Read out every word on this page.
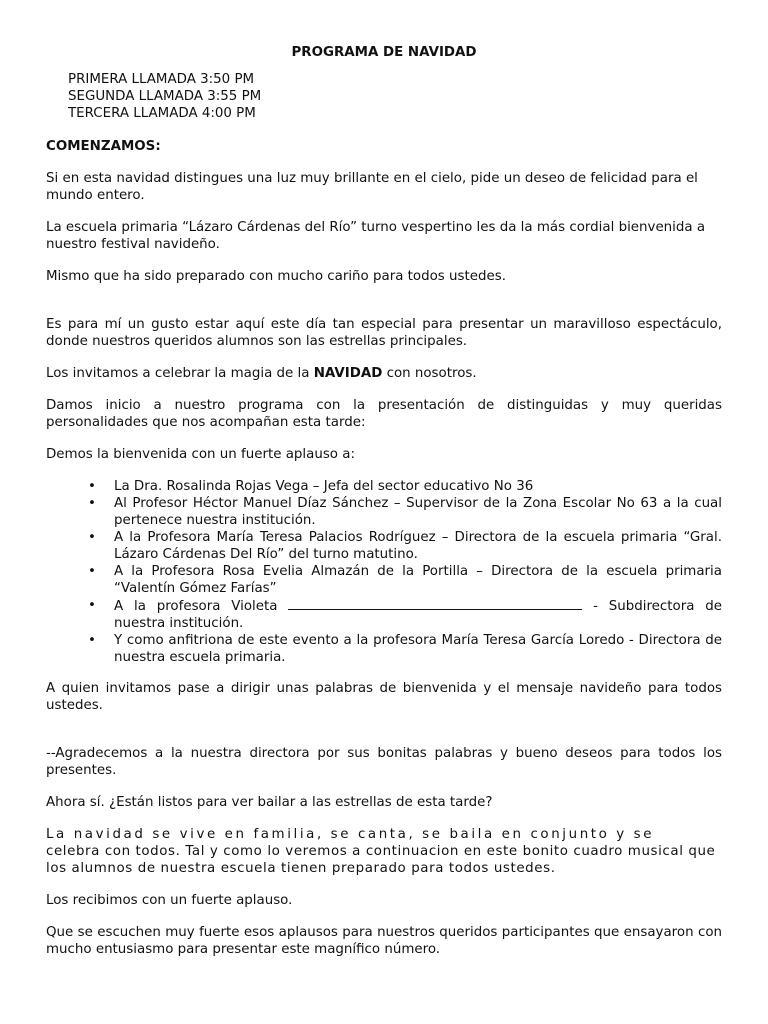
PROGRAMA DE NAVIDAD
PRIMERA LLAMADA 3:50 PM
SEGUNDA LLAMADA 3:55 PM
TERCERA LLAMADA 4:00 PM
COMENZAMOS:

Si en esta navidad distingues una luz muy brillante en el cielo, pide un deseo de felicidad para el mundo entero.

La escuela primaria “Lázaro Cárdenas del Río” turno vespertino les da la más cordial bienvenida a nuestro festival navideño.

Mismo que ha sido preparado con mucho cariño para todos ustedes.

Es para mí un gusto estar aquí este día tan especial para presentar un maravilloso espectáculo, donde nuestros queridos alumnos son las estrellas principales.

Los invitamos a celebrar la magia de la NAVIDAD con nosotros.

Damos inicio a nuestro programa con la presentación de distinguidas y muy queridas personalidades que nos acompañan esta tarde:

Demos la bienvenida con un fuerte aplauso a:

• La Dra. Rosalinda Rojas Vega – Jefa del sector educativo No 36
• Al Profesor Héctor Manuel Díaz Sánchez – Supervisor de la Zona Escolar No 63 a la cual pertenece nuestra institución.
• A la Profesora María Teresa Palacios Rodríguez – Directora de la escuela primaria “Gral. Lázaro Cárdenas Del Río” del turno matutino.
• A la Profesora Rosa Evelia Almazán de la Portilla – Directora de la escuela primaria “Valentín Gómez Farías”
• A la profesora Violeta	- Subdirectora de nuestra institución.
• Y como anfitriona de este evento a la profesora María Teresa García Loredo - Directora de nuestra escuela primaria.

A quien invitamos pase a dirigir unas palabras de bienvenida y el mensaje navideño para todos ustedes.

--Agradecemos a la nuestra directora por sus bonitas palabras y bueno deseos para todos los presentes.

Ahora sí. ¿Están listos para ver bailar a las estrellas de esta tarde?

La navidad se vive en familia, se canta, se baila en conjunto y se
celebra con todos. Tal y como lo veremos a continuacion en este bonito cuadro musical que los alumnos de nuestra escuela tienen preparado para todos ustedes.

Los recibimos con un fuerte aplauso.

Que se escuchen muy fuerte esos aplausos para nuestros queridos participantes que ensayaron con mucho entusiasmo para presentar este magnífico número.
